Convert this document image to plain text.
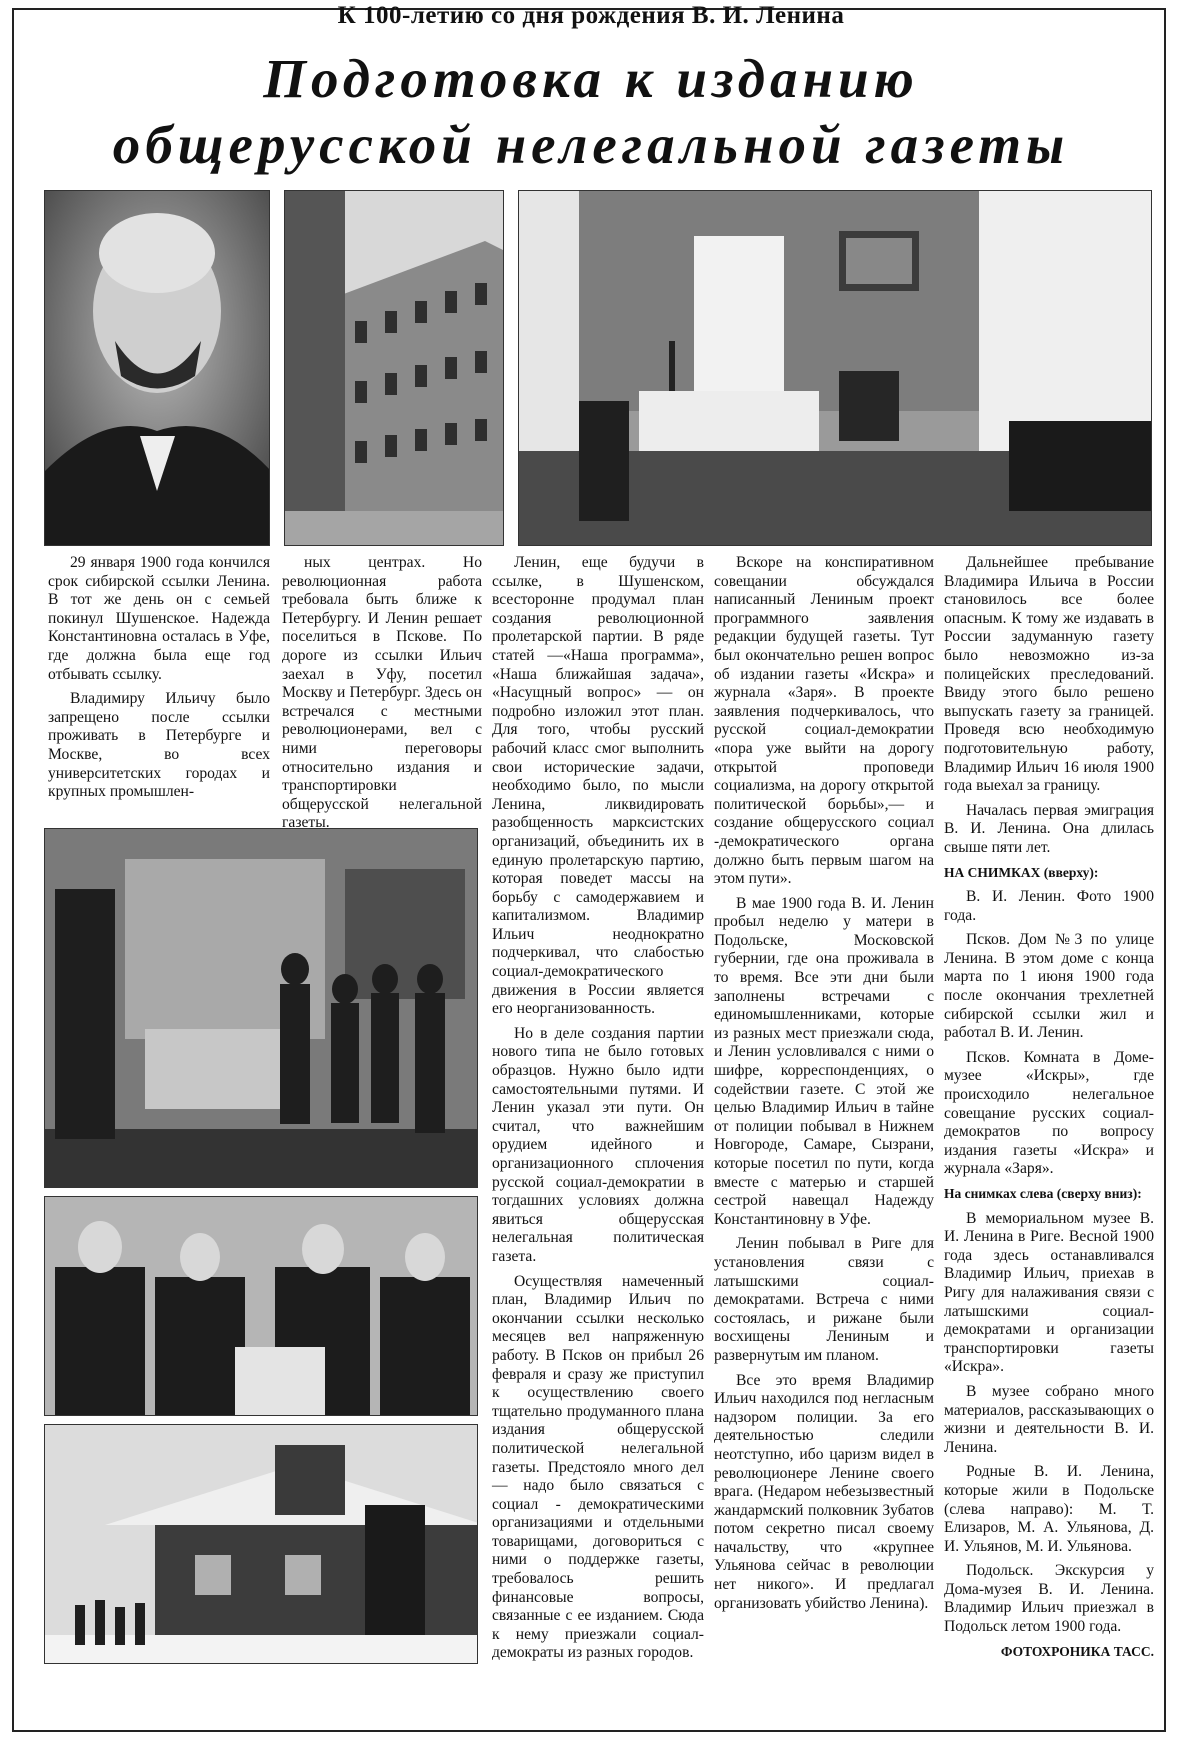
К 100-летию со дня рождения В. И. Ленина
Подготовка к изданию
общерусской нелегальной газеты

29 января 1900 года кончился срок сибирской ссылки Ленина. В тот же день он с семьей покинул Шушенское. Надежда Константиновна осталась в Уфе, где должна была еще год отбывать ссылку.

Владимиру Ильичу было запрещено после ссылки проживать в Петербурге и Москве, во всех университетских городах и крупных промышлен-

ных центрах. Но революционная работа требовала быть ближе к Петербургу. И Ленин решает поселиться в Пскове. По дороге из ссылки Ильич заехал в Уфу, посетил Москву и Петербург. Здесь он встречался с местными революционерами, вел с ними переговоры относительно издания и транспортировки общерусской нелегальной газеты.

Ленин, еще будучи в ссылке, в Шушенском, всесторонне продумал план создания революционной пролетарской партии. В ряде статей —«Наша программа», «Наша ближайшая задача», «Насущный вопрос» — он подробно изложил этот план. Для того, чтобы русский рабочий класс смог выполнить свои исторические задачи, необходимо было, по мысли Ленина, ликвидировать разобщенность марксистских организаций, объединить их в единую пролетарскую партию, которая поведет массы на борьбу с самодержавием и капитализмом. Владимир Ильич неоднократно подчеркивал, что слабостью социал-демократического движения в России является его неорганизованность.

Но в деле создания партии нового типа не было готовых образцов. Нужно было идти самостоятельными путями. И Ленин указал эти пути. Он считал, что важнейшим орудием идейного и организационного сплочения русской социал-демократии в тогдашних условиях должна явиться общерусская нелегальная политическая газета.

Осуществляя намеченный план, Владимир Ильич по окончании ссылки несколько месяцев вел напряженную работу. В Псков он прибыл 26 февраля и сразу же приступил к осуществлению своего тщательно продуманного плана издания общерусской политической нелегальной газеты. Предстояло много дел — надо было связаться с социал - демократическими организациями и отдельными товарищами, договориться с ними о поддержке газеты, требовалось решить финансовые вопросы, связанные с ее изданием. Сюда к нему приезжали социал-демократы из разных городов.

Вскоре на конспиративном совещании обсуждался написанный Лениным проект программного заявления редакции будущей газеты. Тут был окончательно решен вопрос об издании газеты «Искра» и журнала «Заря». В проекте заявления подчеркивалось, что русской социал-демократии «пора уже выйти на дорогу открытой проповеди социализма, на дорогу открытой политической борьбы»,— и создание общерусского социал -демократического органа должно быть первым шагом на этом пути».

В мае 1900 года В. И. Ленин пробыл неделю у матери в Подольске, Московской губернии, где она проживала в то время. Все эти дни были заполнены встречами с единомышленниками, которые из разных мест приезжали сюда, и Ленин условливался с ними о шифре, корреспонденциях, о содействии газете. С этой же целью Владимир Ильич в тайне от полиции побывал в Нижнем Новгороде, Самаре, Сызрани, которые посетил по пути, когда вместе с матерью и старшей сестрой навещал Надежду Константиновну в Уфе.

Ленин побывал в Риге для установления связи с латышскими социал-демократами. Встреча с ними состоялась, и рижане были восхищены Лениным и развернутым им планом.

Все это время Владимир Ильич находился под негласным надзором полиции. За его деятельностью следили неотступно, ибо царизм видел в революционере Ленине своего врага. (Недаром небезызвестный жандармский полковник Зубатов потом секретно писал своему начальству, что «крупнее Ульянова сейчас в революции нет никого». И предлагал организовать убийство Ленина).

Дальнейшее пребывание Владимира Ильича в России становилось все более опасным. К тому же издавать в России задуманную газету было невозможно из-за полицейских преследований. Ввиду этого было решено выпускать газету за границей. Проведя всю необходимую подготовительную работу, Владимир Ильич 16 июля 1900 года выехал за границу.

Началась первая эмиграция В. И. Ленина. Она длилась свыше пяти лет.

НА СНИМКАХ (вверху):

В. И. Ленин. Фото 1900 года.

Псков. Дом №3 по улице Ленина. В этом доме с конца марта по 1 июня 1900 года после окончания трехлетней сибирской ссылки жил и работал В. И. Ленин.

Псков. Комната в Доме-музее «Искры», где происходило нелегальное совещание русских социал-демократов по вопросу издания газеты «Искра» и журнала «Заря».

На снимках слева (сверху вниз):

В мемориальном музее В. И. Ленина в Риге. Весной 1900 года здесь останавливался Владимир Ильич, приехав в Ригу для налаживания связи с латышскими социал-демократами и организации транспортировки газеты «Искра».

В музее собрано много материалов, рассказывающих о жизни и деятельности В. И. Ленина.

Родные В. И. Ленина, которые жили в Подольске (слева направо): М. Т. Елизаров, М. А. Ульянова, Д. И. Ульянов, М. И. Ульянова.

Подольск. Экскурсия у Дома-музея В. И. Ленина. Владимир Ильич приезжал в Подольск летом 1900 года.

ФОТОХРОНИКА ТАСС.
